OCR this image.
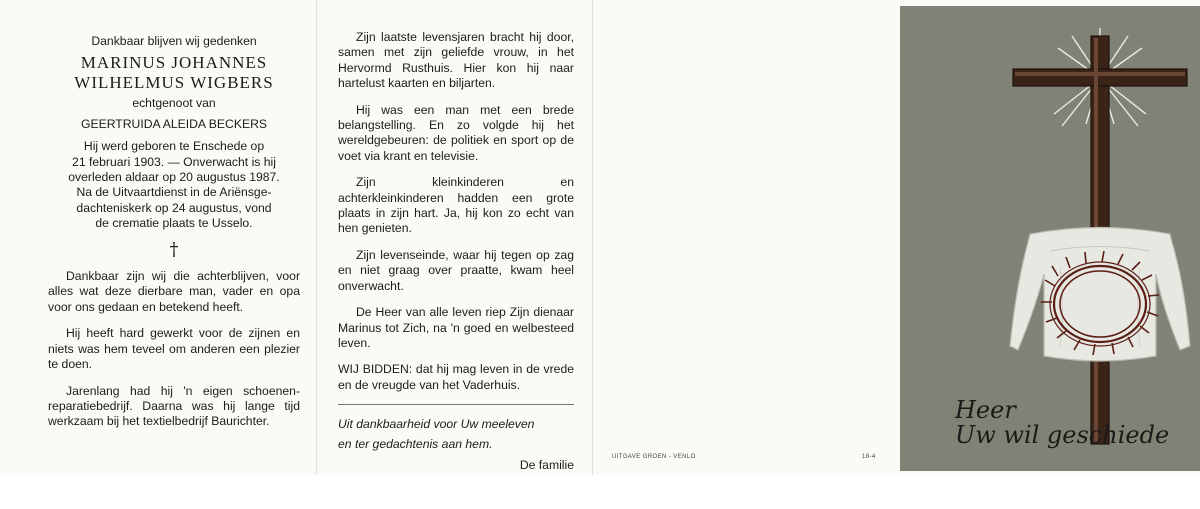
Dankbaar blijven wij gedenken
MARINUS JOHANNES
WILHELMUS WIGBERS
echtgenoot van
GEERTRUIDA ALEIDA BECKERS
Hij werd geboren te Enschede op
21 februari 1903. — Onverwacht is hij
overleden aldaar op 20 augustus 1987.
Na de Uitvaartdienst in de Ariënsge-
dachteniskerk op 24 augustus, vond
de crematie plaats te Usselo.
†

Dankbaar zijn wij die achterblijven, voor alles wat deze dierbare man, vader en opa voor ons gedaan en betekend heeft.

Hij heeft hard gewerkt voor de zijnen en niets was hem teveel om anderen een plezier te doen.

Jarenlang had hij 'n eigen schoenen-reparatiebedrijf. Daarna was hij lange tijd werkzaam bij het textielbedrijf Baurichter.

Zijn laatste levensjaren bracht hij door, samen met zijn geliefde vrouw, in het Hervormd Rusthuis. Hier kon hij naar hartelust kaarten en biljarten.

Hij was een man met een brede belangstelling. En zo volgde hij het wereldgebeuren: de politiek en sport op de voet via krant en televisie.

Zijn kleinkinderen en achterkleinkinderen hadden een grote plaats in zijn hart. Ja, hij kon zo echt van hen genieten.

Zijn levenseinde, waar hij tegen op zag en niet graag over praatte, kwam heel onverwacht.

De Heer van alle leven riep Zijn dienaar Marinus tot Zich, na 'n goed en welbesteed leven.

WIJ BIDDEN: dat hij mag leven in de vrede en de vreugde van het Vaderhuis.

Uit dankbaarheid voor Uw meeleven
en ter gedachtenis aan hem.
De familie
UITGAVE GROEN - VENLO	18-4
Heer
Uw wil geschiede
